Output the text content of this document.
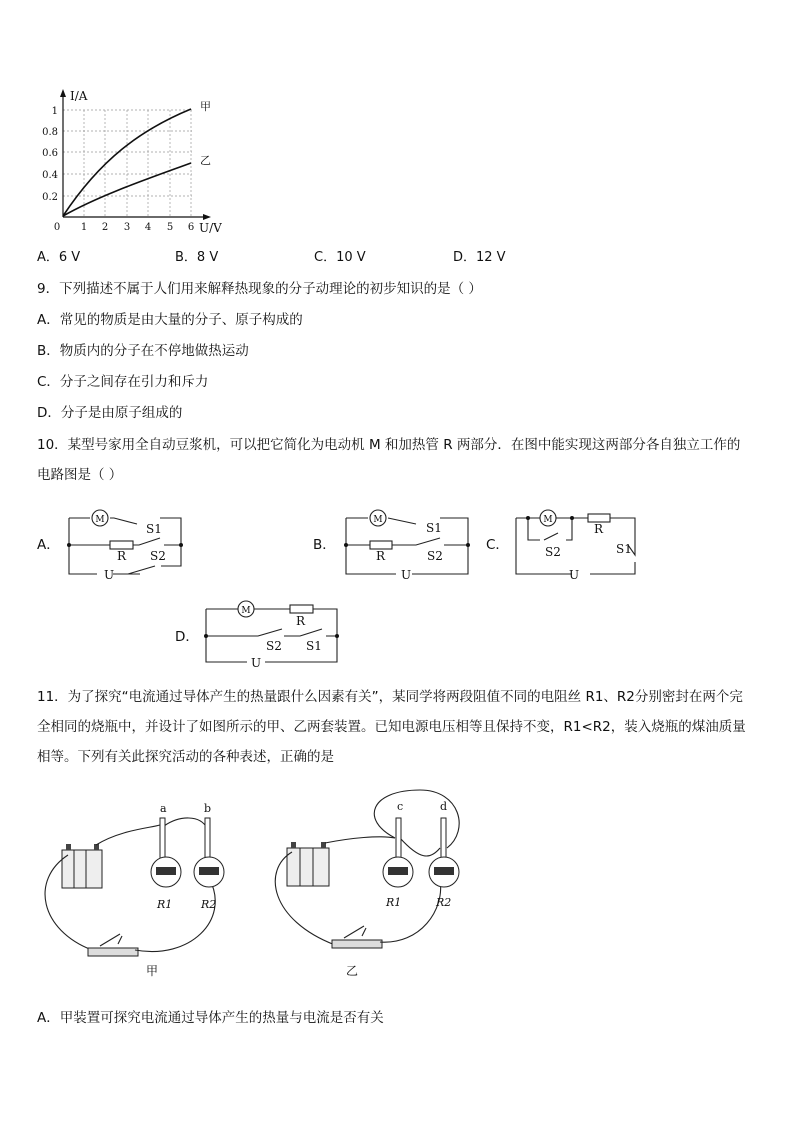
I/A
U/V
0.2
0.4
0.6
0.8
1
0 1 2 3 4 5 6
甲
乙
A．6 V	B．8 V	C．10 V	D．12 V
9．下列描述不属于人们用来解释热现象的分子动理论的初步知识的是（ ）
A．常见的物质是由大量的分子、原子构成的
B．物质内的分子在不停地做热运动
C．分子之间存在引力和斥力
D．分子是由原子组成的
10．某型号家用全自动豆浆机，可以把它简化为电动机 M 和加热管 R 两部分．在图中能实现这两部分各自独立工作的
电路图是（ ）
A．	B．	C．
D．
M
S1
R S2
U
M
S1
R	S2
U
M
R
S2	S1
U
M
R
S2 S1
U
11．为了探究“电流通过导体产生的热量跟什么因素有关”，某同学将两段阻值不同的电阻丝 R1、R2分别密封在两个完
全相同的烧瓶中，并设计了如图所示的甲、乙两套装置。已知电源电压相等且保持不变，R1<R2，装入烧瓶的煤油质量
相等。下列有关此探究活动的各种表述，正确的是
a	b
R1	R2
甲
c	d
R1	R2
乙
A．甲装置可探究电流通过导体产生的热量与电流是否有关
